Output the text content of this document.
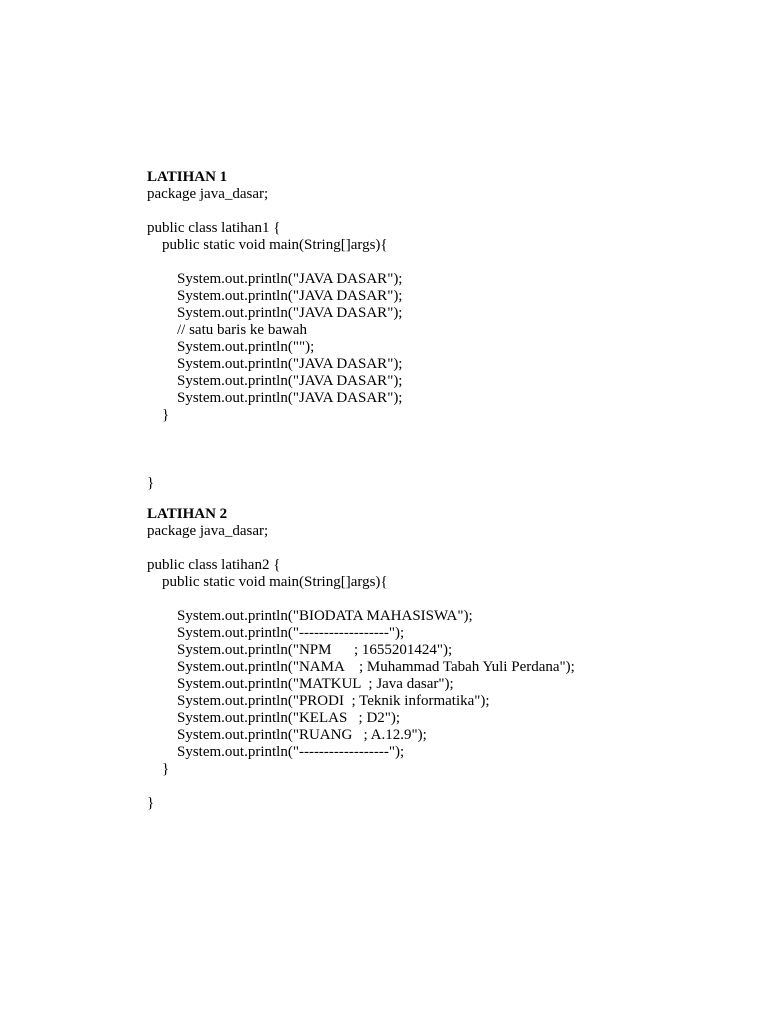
LATIHAN 1
package java_dasar;
public class latihan1 {
public static void main(String[]args){
System.out.println("JAVA DASAR");
System.out.println("JAVA DASAR");
System.out.println("JAVA DASAR");
// satu baris ke bawah
System.out.println("");
System.out.println("JAVA DASAR");
System.out.println("JAVA DASAR");
System.out.println("JAVA DASAR");
}
}
LATIHAN 2
package java_dasar;
public class latihan2 {
public static void main(String[]args){
System.out.println("BIODATA MAHASISWA");
System.out.println("------------------");
System.out.println("NPM      ; 1655201424");
System.out.println("NAMA    ; Muhammad Tabah Yuli Perdana");
System.out.println("MATKUL  ; Java dasar");
System.out.println("PRODI  ; Teknik informatika");
System.out.println("KELAS   ; D2");
System.out.println("RUANG   ; A.12.9");
System.out.println("------------------");
}
}
